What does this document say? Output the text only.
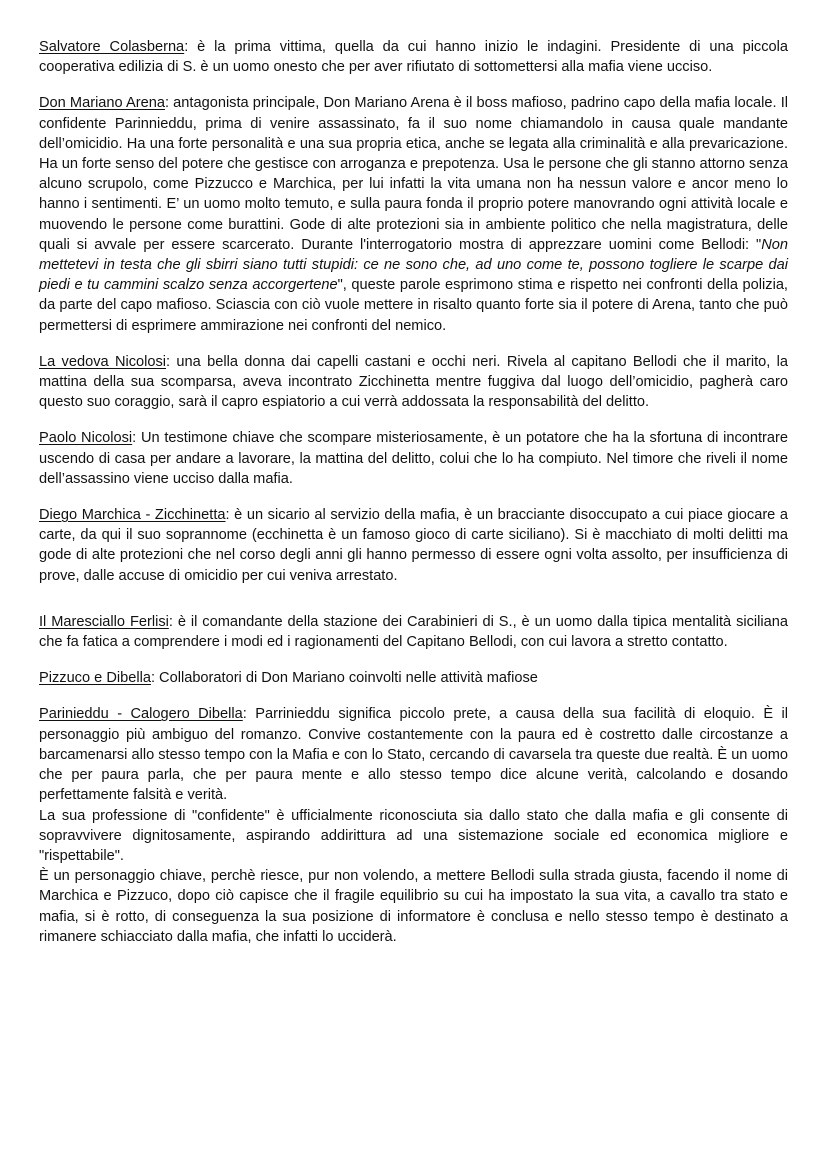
Salvatore Colasberna: è la prima vittima, quella da cui hanno inizio le indagini. Presidente di una piccola cooperativa edilizia di S. è un uomo onesto che per aver rifiutato di sottomettersi alla mafia viene ucciso.

Don Mariano Arena: antagonista principale, Don Mariano Arena è il boss mafioso, padrino capo della mafia locale. Il confidente Parinnieddu, prima di venire assassinato, fa il suo nome chiamandolo in causa quale mandante dell’omicidio. Ha una forte personalità e una sua propria etica, anche se legata alla criminalità e alla prevaricazione. Ha un forte senso del potere che gestisce con arroganza e prepotenza. Usa le persone che gli stanno attorno senza alcuno scrupolo, come Pizzucco e Marchica, per lui infatti la vita umana non ha nessun valore e ancor meno lo hanno i sentimenti. E’ un uomo molto temuto, e sulla paura fonda il proprio potere manovrando ogni attività locale e muovendo le persone come burattini. Gode di alte protezioni sia in ambiente politico che nella magistratura, delle quali si avvale per essere scarcerato. Durante l'interrogatorio mostra di apprezzare uomini come Bellodi: "Non mettetevi in testa che gli sbirri siano tutti stupidi: ce ne sono che, ad uno come te, possono togliere le scarpe dai piedi e tu cammini scalzo senza accorgertene", queste parole esprimono stima e rispetto nei confronti della polizia, da parte del capo mafioso. Sciascia con ciò vuole mettere in risalto quanto forte sia il potere di Arena, tanto che può permettersi di esprimere ammirazione nei confronti del nemico.

La vedova Nicolosi: una bella donna dai capelli castani e occhi neri. Rivela al capitano Bellodi che il marito, la mattina della sua scomparsa, aveva incontrato Zicchinetta mentre fuggiva dal luogo dell’omicidio, pagherà caro questo suo coraggio, sarà il capro espiatorio a cui verrà addossata la responsabilità del delitto.

Paolo Nicolosi: Un testimone chiave che scompare misteriosamente, è un potatore che ha la sfortuna di incontrare uscendo di casa per andare a lavorare, la mattina del delitto, colui che lo ha compiuto. Nel timore che riveli il nome dell’assassino viene ucciso dalla mafia.

Diego Marchica - Zicchinetta: è un sicario al servizio della mafia, è un bracciante disoccupato a cui piace giocare a carte, da qui il suo soprannome (ecchinetta è un famoso gioco di carte siciliano). Si è macchiato di molti delitti ma gode di alte protezioni che nel corso degli anni gli hanno permesso di essere ogni volta assolto, per insufficienza di prove, dalle accuse di omicidio per cui veniva arrestato.

Il Maresciallo Ferlisi: è il comandante della stazione dei Carabinieri di S., è un uomo dalla tipica mentalità siciliana che fa fatica a comprendere i modi ed i ragionamenti del Capitano Bellodi, con cui lavora a stretto contatto.

Pizzuco e Dibella: Collaboratori di Don Mariano coinvolti nelle attività mafiose

Parinieddu - Calogero Dibella: Parrinieddu significa piccolo prete, a causa della sua facilità di eloquio. È il personaggio più ambiguo del romanzo. Convive costantemente con la paura ed è costretto dalle circostanze a barcamenarsi allo stesso tempo con la Mafia e con lo Stato, cercando di cavarsela tra queste due realtà. È un uomo che per paura parla, che per paura mente e allo stesso tempo dice alcune verità, calcolando e dosando perfettamente falsità e verità.

La sua professione di "confidente" è ufficialmente riconosciuta sia dallo stato che dalla mafia e gli consente di sopravvivere dignitosamente, aspirando addirittura ad una sistemazione sociale ed economica migliore e "rispettabile".

È un personaggio chiave, perchè riesce, pur non volendo, a mettere Bellodi sulla strada giusta, facendo il nome di Marchica e Pizzuco, dopo ciò capisce che il fragile equilibrio su cui ha impostato la sua vita, a cavallo tra stato e mafia, si è rotto, di conseguenza la sua posizione di informatore è conclusa e nello stesso tempo è destinato a rimanere schiacciato dalla mafia, che infatti lo ucciderà.
